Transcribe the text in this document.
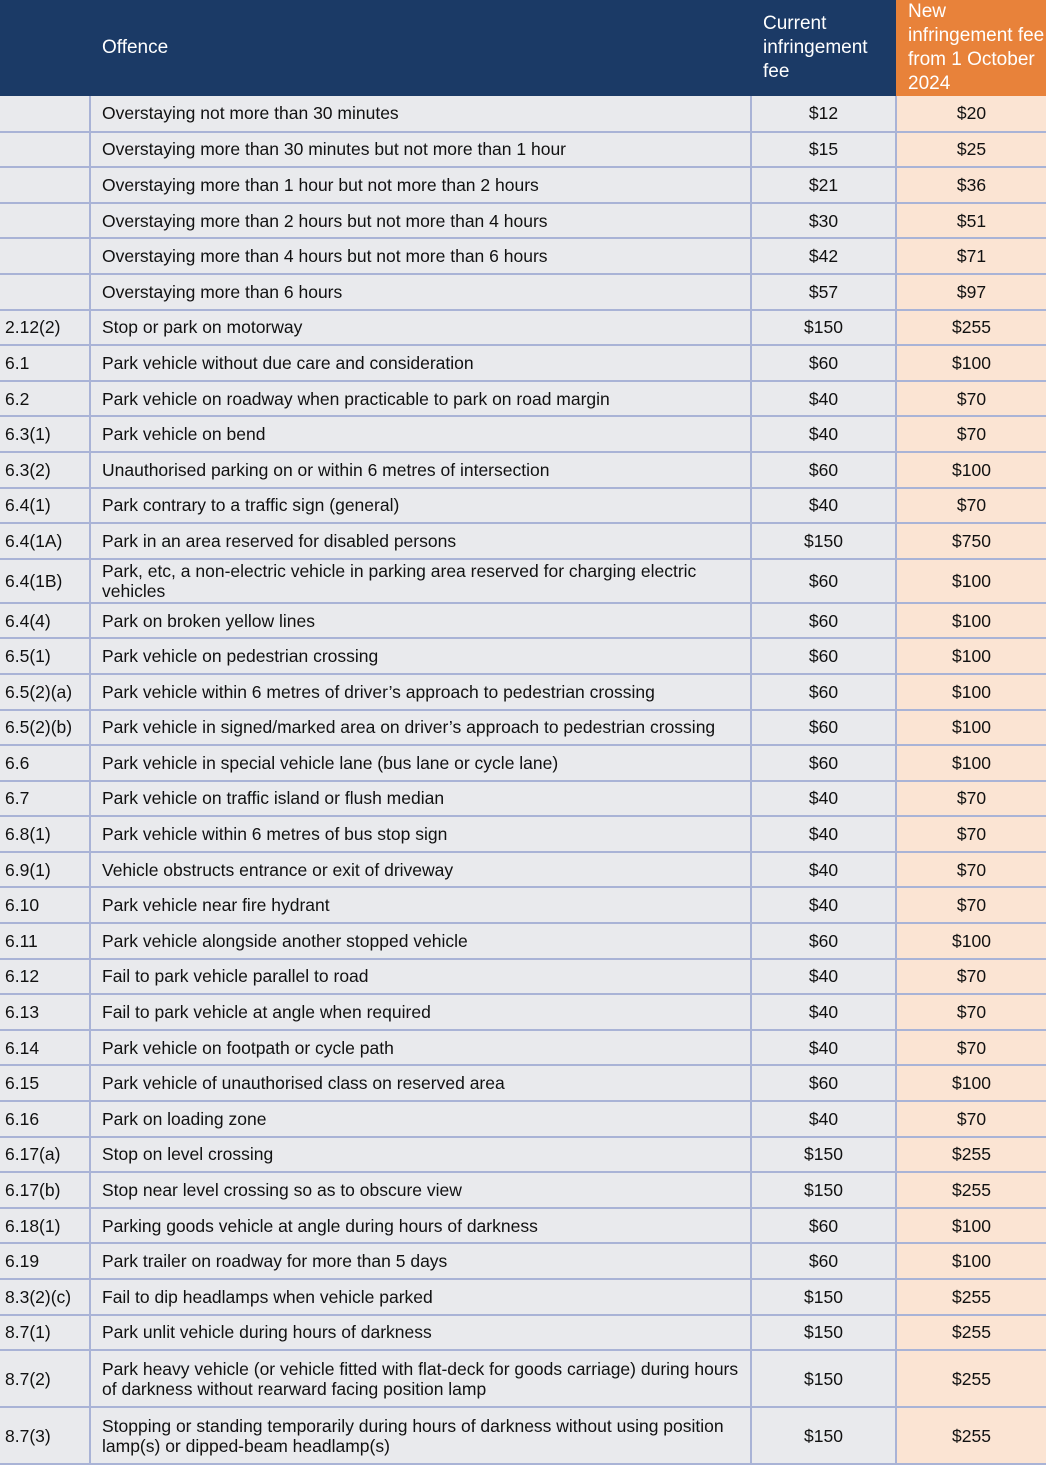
	Offence	Current infringement fee	New infringement fee from 1 October 2024
	Overstaying not more than 30 minutes	$12	$20
	Overstaying more than 30 minutes but not more than 1 hour	$15	$25
	Overstaying more than 1 hour but not more than 2 hours	$21	$36
	Overstaying more than 2 hours but not more than 4 hours	$30	$51
	Overstaying more than 4 hours but not more than 6 hours	$42	$71
	Overstaying more than 6 hours	$57	$97
2.12(2)	Stop or park on motorway	$150	$255
6.1	Park vehicle without due care and consideration	$60	$100
6.2	Park vehicle on roadway when practicable to park on road margin	$40	$70
6.3(1)	Park vehicle on bend	$40	$70
6.3(2)	Unauthorised parking on or within 6 metres of intersection	$60	$100
6.4(1)	Park contrary to a traffic sign (general)	$40	$70
6.4(1A)	Park in an area reserved for disabled persons	$150	$750
6.4(1B)	Park, etc, a non-electric vehicle in parking area reserved for charging electric vehicles	$60	$100
6.4(4)	Park on broken yellow lines	$60	$100
6.5(1)	Park vehicle on pedestrian crossing	$60	$100
6.5(2)(a)	Park vehicle within 6 metres of driver’s approach to pedestrian crossing	$60	$100
6.5(2)(b)	Park vehicle in signed/marked area on driver’s approach to pedestrian crossing	$60	$100
6.6	Park vehicle in special vehicle lane (bus lane or cycle lane)	$60	$100
6.7	Park vehicle on traffic island or flush median	$40	$70
6.8(1)	Park vehicle within 6 metres of bus stop sign	$40	$70
6.9(1)	Vehicle obstructs entrance or exit of driveway	$40	$70
6.10	Park vehicle near fire hydrant	$40	$70
6.11	Park vehicle alongside another stopped vehicle	$60	$100
6.12	Fail to park vehicle parallel to road	$40	$70
6.13	Fail to park vehicle at angle when required	$40	$70
6.14	Park vehicle on footpath or cycle path	$40	$70
6.15	Park vehicle of unauthorised class on reserved area	$60	$100
6.16	Park on loading zone	$40	$70
6.17(a)	Stop on level crossing	$150	$255
6.17(b)	Stop near level crossing so as to obscure view	$150	$255
6.18(1)	Parking goods vehicle at angle during hours of darkness	$60	$100
6.19	Park trailer on roadway for more than 5 days	$60	$100
8.3(2)(c)	Fail to dip headlamps when vehicle parked	$150	$255
8.7(1)	Park unlit vehicle during hours of darkness	$150	$255
8.7(2)	Park heavy vehicle (or vehicle fitted with flat-deck for goods carriage) during hours of darkness without rearward facing position lamp	$150	$255
8.7(3)	Stopping or standing temporarily during hours of darkness without using position lamp(s) or dipped-beam headlamp(s)	$150	$255
